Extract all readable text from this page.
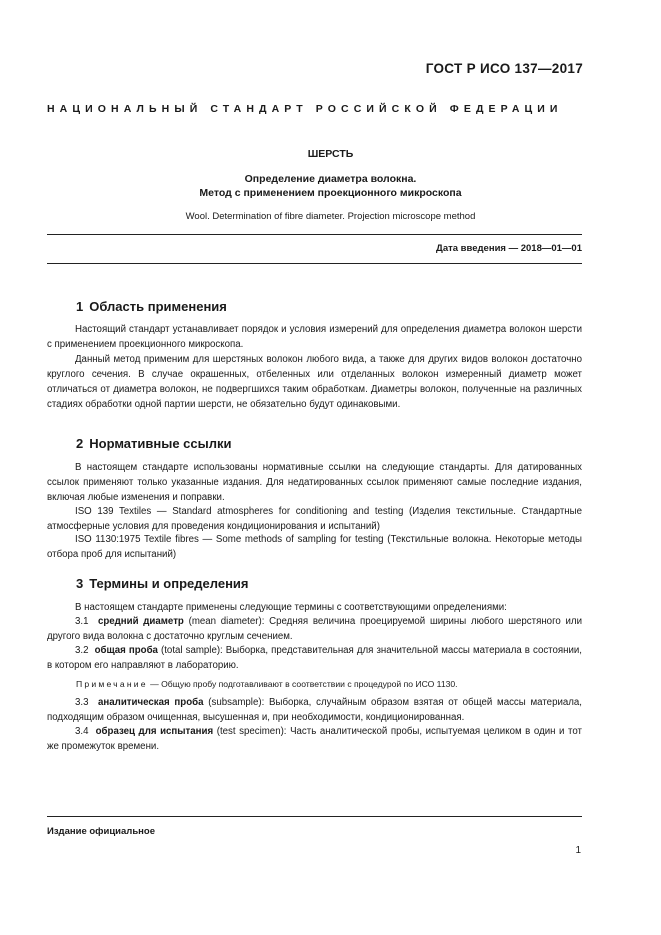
ГОСТ Р ИСО 137—2017
НАЦИОНАЛЬНЫЙ СТАНДАРТ РОССИЙСКОЙ ФЕДЕРАЦИИ
ШЕРСТЬ
Определение диаметра волокна.
Метод с применением проекционного микроскопа
Wool. Determination of fibre diameter. Projection microscope method
Дата введения — 2018—01—01
1 Область применения
Настоящий стандарт устанавливает порядок и условия измерений для определения диаметра волокон шерсти с применением проекционного микроскопа.
Данный метод применим для шерстяных волокон любого вида, а также для других видов волокон достаточно круглого сечения. В случае окрашенных, отбеленных или отделанных волокон измеренный диаметр может отличаться от диаметра волокон, не подвергшихся таким обработкам. Диаметры волокон, полученные на различных стадиях обработки одной партии шерсти, не обязательно будут одинаковыми.
2 Нормативные ссылки
В настоящем стандарте использованы нормативные ссылки на следующие стандарты. Для датированных ссылок применяют только указанные издания. Для недатированных ссылок применяют самые последние издания, включая любые изменения и поправки.
ISO 139 Textiles — Standard atmospheres for conditioning and testing (Изделия текстильные. Стандартные атмосферные условия для проведения кондиционирования и испытаний)
ISO 1130:1975 Textile fibres — Some methods of sampling for testing (Текстильные волокна. Некоторые методы отбора проб для испытаний)
3 Термины и определения
В настоящем стандарте применены следующие термины с соответствующими определениями:
3.1 средний диаметр (mean diameter): Средняя величина проецируемой ширины любого шерстяного или другого вида волокна с достаточно круглым сечением.
3.2 общая проба (total sample): Выборка, представительная для значительной массы материала в состоянии, в котором его направляют в лабораторию.
Примечание — Общую пробу подготавливают в соответствии с процедурой по ИСО 1130.
3.3 аналитическая проба (subsample): Выборка, случайным образом взятая от общей массы материала, подходящим образом очищенная, высушенная и, при необходимости, кондиционированная.
3.4 образец для испытания (test specimen): Часть аналитической пробы, испытуемая целиком в один и тот же промежуток времени.
Издание официальное
1
